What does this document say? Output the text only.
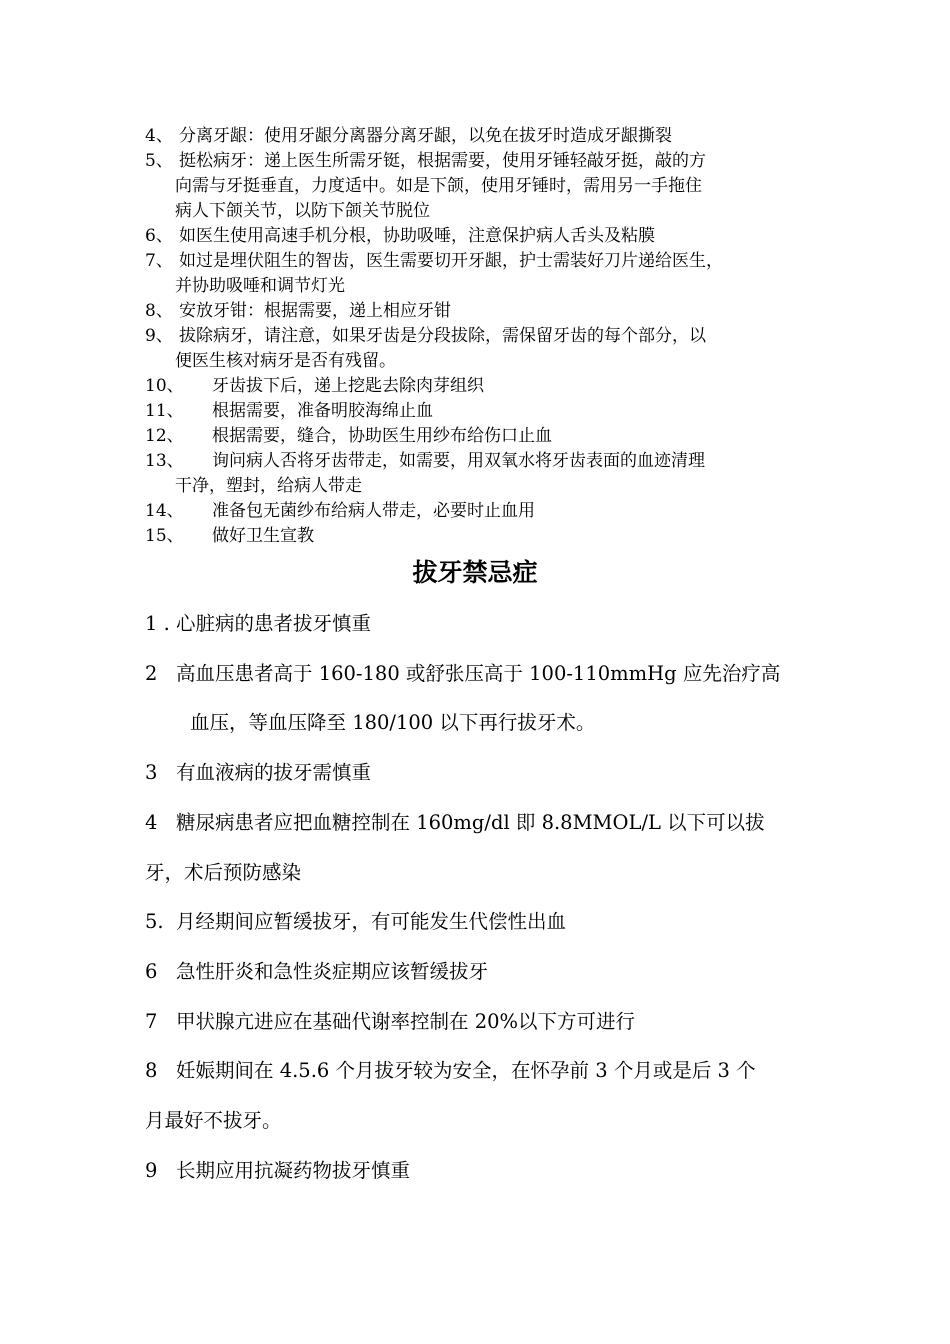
4、 分离牙龈：使用牙龈分离器分离牙龈，以免在拔牙时造成牙龈撕裂
5、 挺松病牙：递上医生所需牙铤，根据需要，使用牙锤轻敲牙挺，敲的方
向需与牙挺垂直，力度适中。如是下颌，使用牙锤时，需用另一手拖住
病人下颌关节，以防下颌关节脱位
6、 如医生使用高速手机分根，协助吸唾，注意保护病人舌头及粘膜
7、 如过是埋伏阻生的智齿，医生需要切开牙龈，护士需装好刀片递给医生，
并协助吸唾和调节灯光
8、 安放牙钳：根据需要，递上相应牙钳
9、 拔除病牙，请注意，如果牙齿是分段拔除，需保留牙齿的每个部分，以
便医生核对病牙是否有残留。
10、	牙齿拔下后，递上挖匙去除肉芽组织
11、	根据需要，准备明胶海绵止血
12、	根据需要，缝合，协助医生用纱布给伤口止血
13、	询问病人否将牙齿带走，如需要，用双氧水将牙齿表面的血迹清理
干净，塑封，给病人带走
14、	准备包无菌纱布给病人带走，必要时止血用
15、	做好卫生宣教
拔牙禁忌症
1 . 心脏病的患者拔牙慎重
2   高血压患者高于 160-180 或舒张压高于 100-110mmHg 应先治疗高
血压，等血压降至 180/100 以下再行拔牙术。
3   有血液病的拔牙需慎重
4   糖尿病患者应把血糖控制在 160mg/dl 即 8.8MMOL/L 以下可以拔
牙，术后预防感染
5.  月经期间应暂缓拔牙，有可能发生代偿性出血
6   急性肝炎和急性炎症期应该暂缓拔牙
7   甲状腺亢进应在基础代谢率控制在 20%以下方可进行
8   妊娠期间在 4.5.6 个月拔牙较为安全，在怀孕前 3 个月或是后 3 个
月最好不拔牙。
9   长期应用抗凝药物拔牙慎重
